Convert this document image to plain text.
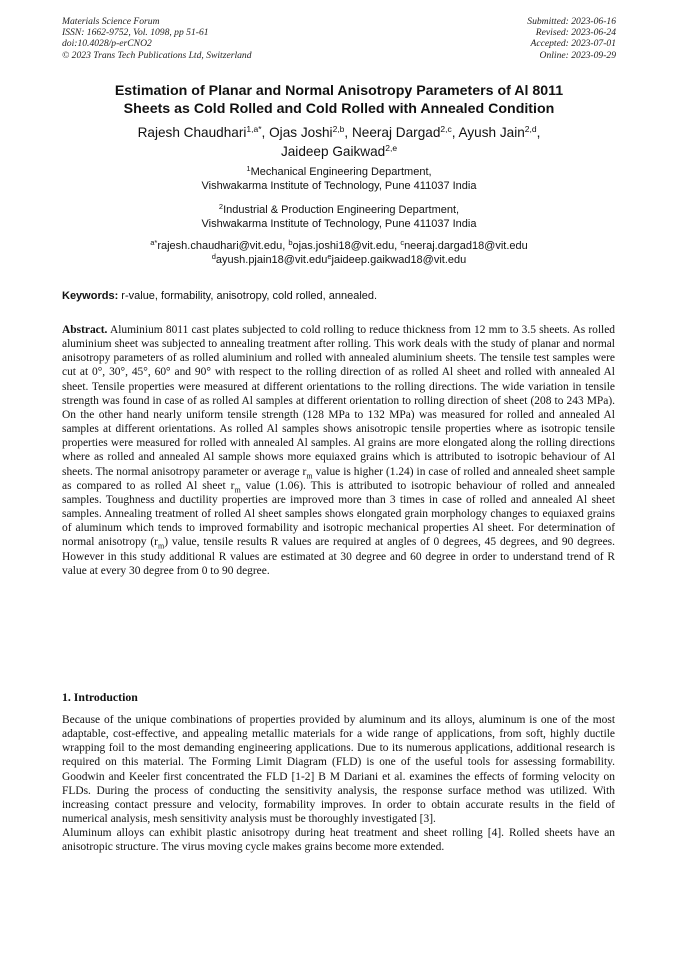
Materials Science Forum
ISSN: 1662-9752, Vol. 1098, pp 51-61
doi:10.4028/p-erCNO2
© 2023 Trans Tech Publications Ltd, Switzerland
Submitted: 2023-06-16
Revised: 2023-06-24
Accepted: 2023-07-01
Online: 2023-09-29
Estimation of Planar and Normal Anisotropy Parameters of Al 8011
Sheets as Cold Rolled and Cold Rolled with Annealed Condition
Rajesh Chaudhari$^{1,a*}$, Ojas Joshi$^{2,b}$, Neeraj Dargad$^{2,c}$, Ayush Jain$^{2,d}$,
Jaideep Gaikwad$^{2,e}$
$^1$Mechanical Engineering Department,
Vishwakarma Institute of Technology, Pune 411037 India
$^2$Industrial & Production Engineering Department,
Vishwakarma Institute of Technology, Pune 411037 India
$^{a*}$rajesh.chaudhari@vit.edu, $^b$ojas.joshi18@vit.edu, $^c$neeraj.dargad18@vit.edu
$^d$ayush.pjain18@vit.edu$^e$jaideep.gaikwad18@vit.edu
Keywords: r-value, formability, anisotropy, cold rolled, annealed.
Abstract. Aluminium 8011 cast plates subjected to cold rolling to reduce thickness from 12 mm to 3.5 sheets. As rolled aluminium sheet was subjected to annealing treatment after rolling. This work deals with the study of planar and normal anisotropy parameters of as rolled aluminium and rolled with annealed aluminium sheets. The tensile test samples were cut at 0°, 30°, 45°, 60° and 90° with respect to the rolling direction of as rolled Al sheet and rolled with annealed Al sheet. Tensile properties were measured at different orientations to the rolling directions. The wide variation in tensile strength was found in case of as rolled Al samples at different orientation to rolling direction of sheet (208 to 243 MPa). On the other hand nearly uniform tensile strength (128 MPa to 132 MPa) was measured for rolled and annealed Al samples at different orientations. As rolled Al samples shows anisotropic tensile properties where as isotropic tensile properties were measured for rolled with annealed Al samples. Al grains are more elongated along the rolling directions where as rolled and annealed Al sample shows more equiaxed grains which is attributed to isotropic behaviour of Al sheets. The normal anisotropy parameter or average $r_m$ value is higher (1.24) in case of rolled and annealed sheet sample as compared to as rolled Al sheet $r_m$ value (1.06). This is attributed to isotropic behaviour of rolled and annealed samples. Toughness and ductility properties are improved more than 3 times in case of rolled and annealed Al sheet samples. Annealing treatment of rolled Al sheet samples shows elongated grain morphology changes to equiaxed grains of aluminum which tends to improved formability and isotropic mechanical properties Al sheet. For determination of normal anisotropy $(r_m)$ value, tensile results R values are required at angles of 0 degrees, 45 degrees, and 90 degrees. However in this study additional R values are estimated at 30 degree and 60 degree in order to understand trend of R value at every 30 degree from 0 to 90 degree.
1. Introduction

Because of the unique combinations of properties provided by aluminum and its alloys, aluminum is one of the most adaptable, cost-effective, and appealing metallic materials for a wide range of applications, from soft, highly ductile wrapping foil to the most demanding engineering applications. Due to its numerous applications, additional research is required on this material. The Forming Limit Diagram (FLD) is one of the useful tools for assessing formability. Goodwin and Keeler first concentrated the FLD [1-2] B M Dariani et al. examines the effects of forming velocity on FLDs. During the process of conducting the sensitivity analysis, the response surface method was utilized. With increasing contact pressure and velocity, formability improves. In order to obtain accurate results in the field of numerical analysis, mesh sensitivity analysis must be thoroughly investigated [3].

Aluminum alloys can exhibit plastic anisotropy during heat treatment and sheet rolling [4]. Rolled sheets have an anisotropic structure. The virus moving cycle makes grains become more extended.
